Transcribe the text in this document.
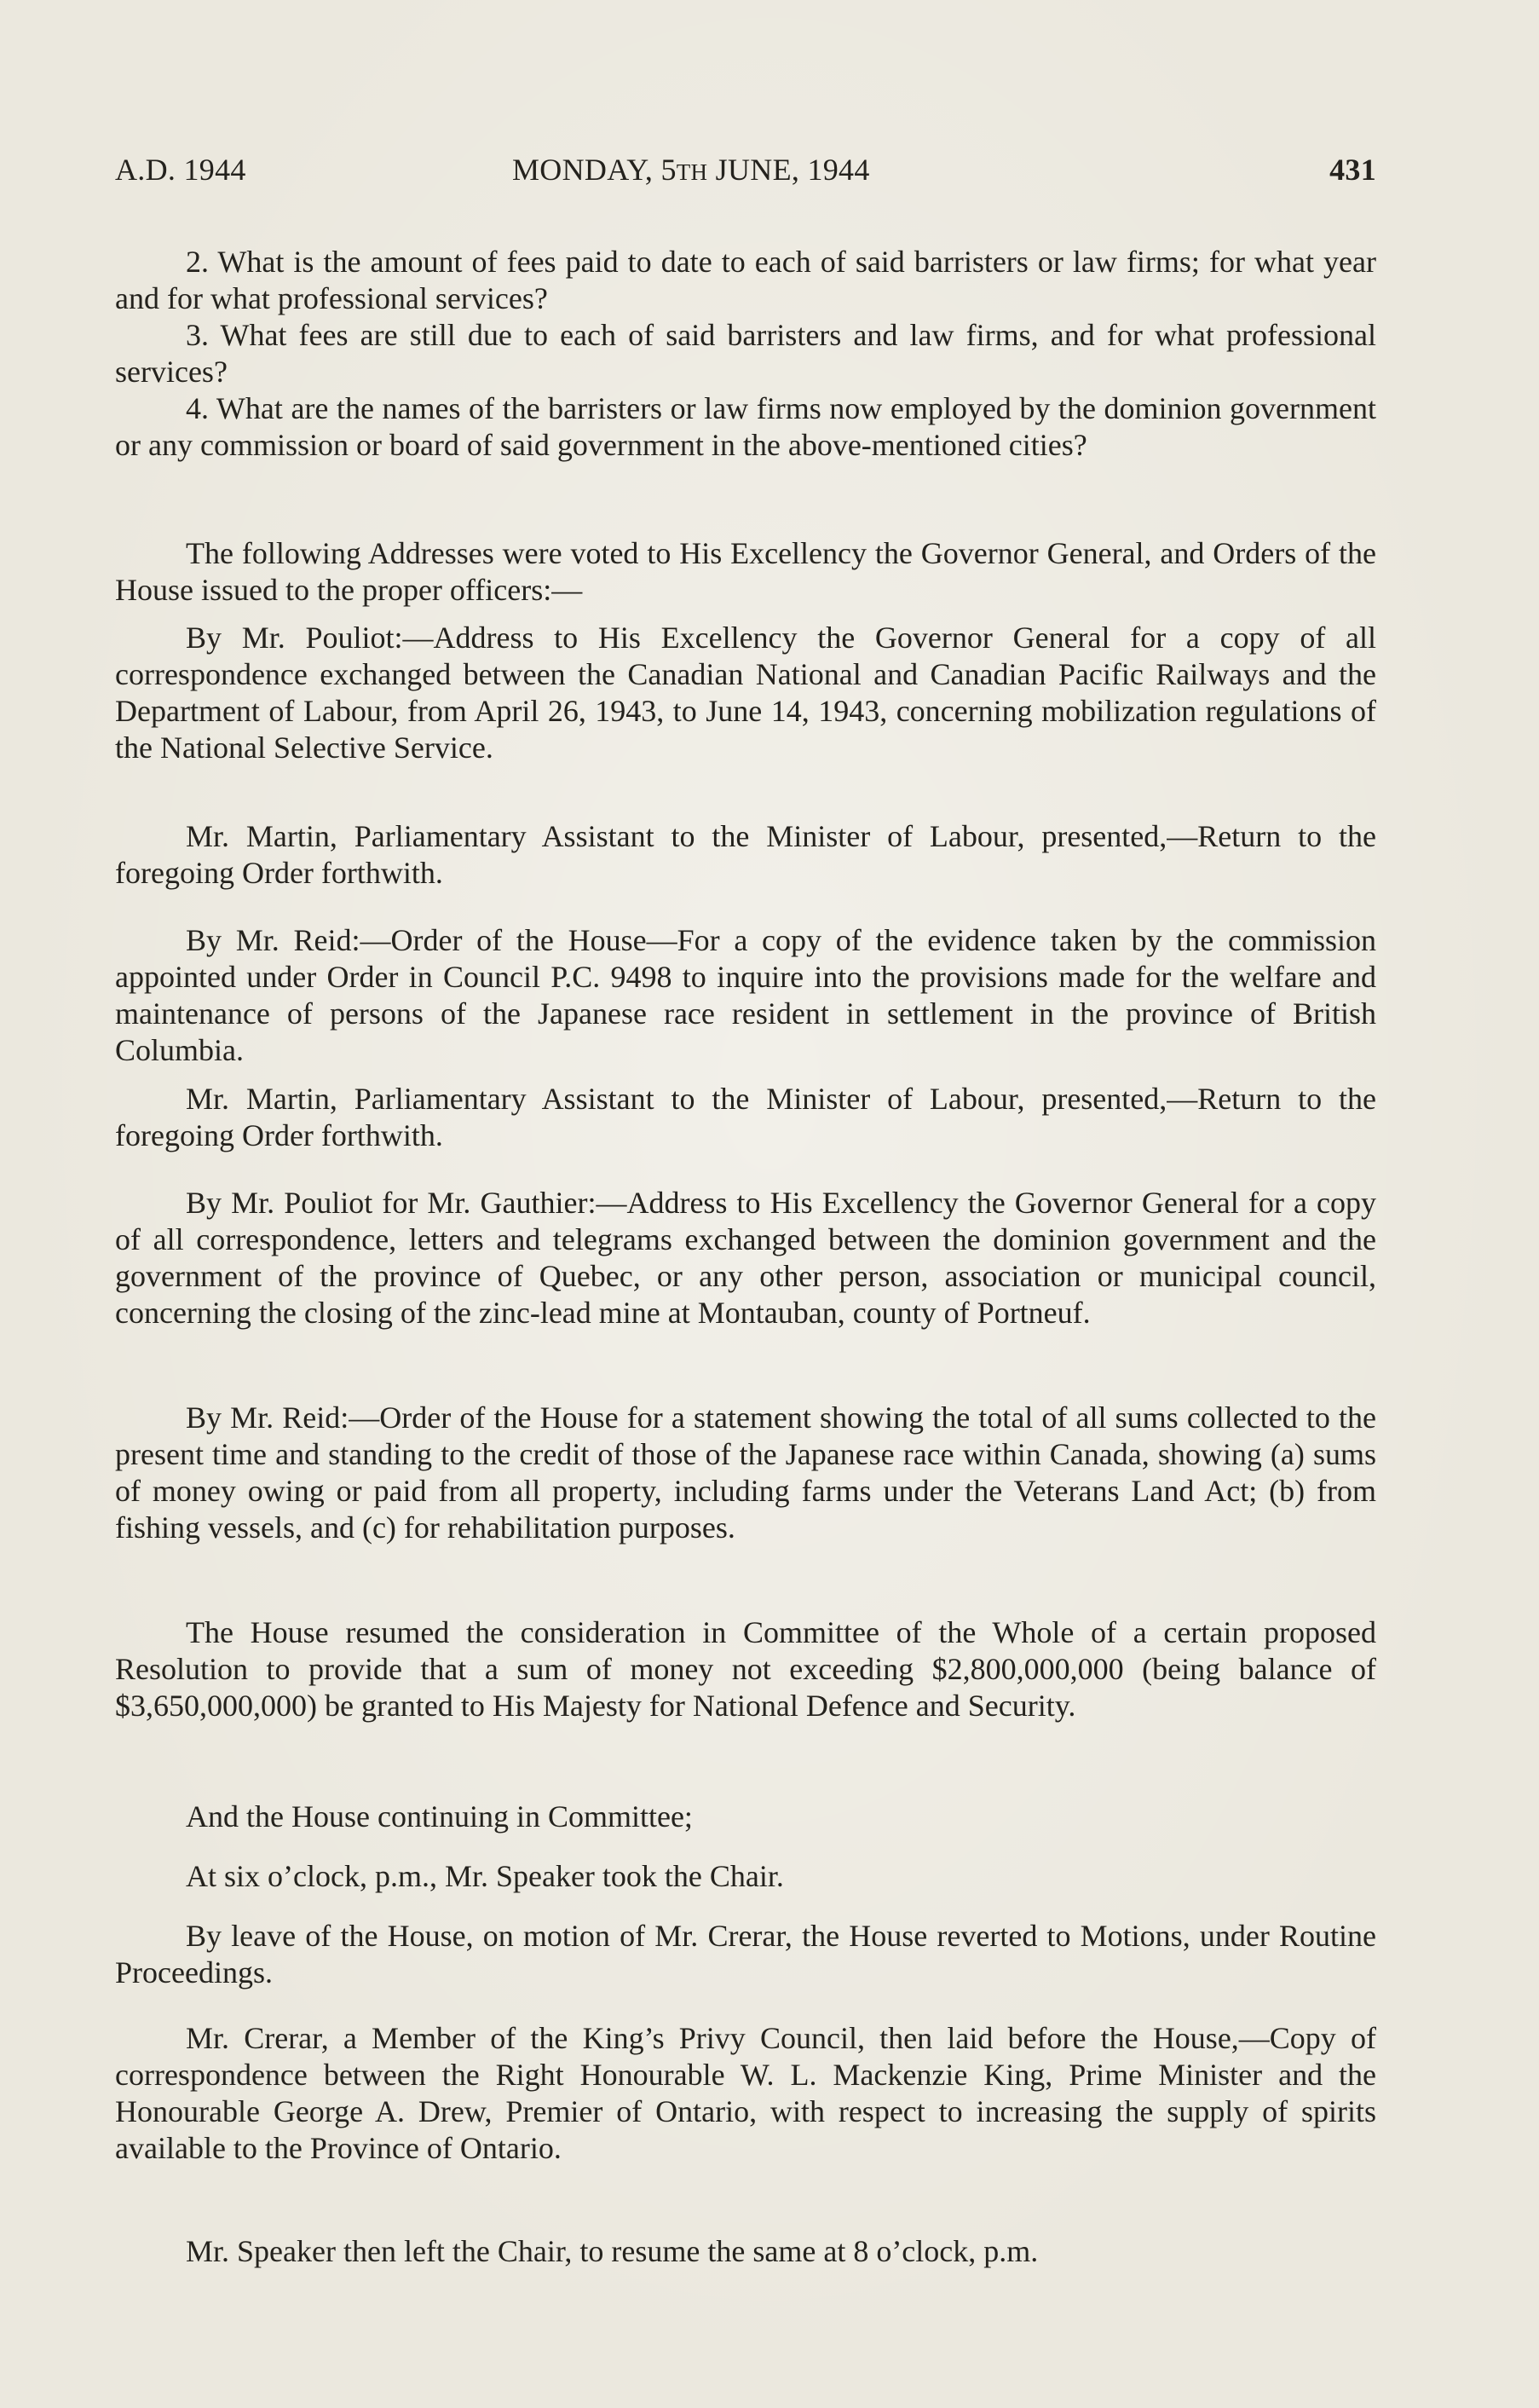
A.D. 1944	MONDAY, 5TH JUNE, 1944	431

2. What is the amount of fees paid to date to each of said barristers or law firms; for what year and for what professional services?

3. What fees are still due to each of said barristers and law firms, and for what professional services?

4. What are the names of the barristers or law firms now employed by the dominion government or any commission or board of said government in the above-mentioned cities?

The following Addresses were voted to His Excellency the Governor General, and Orders of the House issued to the proper officers:—

By Mr. Pouliot:—Address to His Excellency the Governor General for a copy of all correspondence exchanged between the Canadian National and Canadian Pacific Railways and the Department of Labour, from April 26, 1943, to June 14, 1943, concerning mobilization regulations of the National Selective Service.

Mr. Martin, Parliamentary Assistant to the Minister of Labour, presented,—Return to the foregoing Order forthwith.

By Mr. Reid:—Order of the House—For a copy of the evidence taken by the commission appointed under Order in Council P.C. 9498 to inquire into the provisions made for the welfare and maintenance of persons of the Japanese race resident in settlement in the province of British Columbia.

Mr. Martin, Parliamentary Assistant to the Minister of Labour, presented,—Return to the foregoing Order forthwith.

By Mr. Pouliot for Mr. Gauthier:—Address to His Excellency the Governor General for a copy of all correspondence, letters and telegrams exchanged between the dominion government and the government of the province of Quebec, or any other person, association or municipal council, concerning the closing of the zinc-lead mine at Montauban, county of Portneuf.

By Mr. Reid:—Order of the House for a statement showing the total of all sums collected to the present time and standing to the credit of those of the Japanese race within Canada, showing (a) sums of money owing or paid from all property, including farms under the Veterans Land Act; (b) from fishing vessels, and (c) for rehabilitation purposes.

The House resumed the consideration in Committee of the Whole of a certain proposed Resolution to provide that a sum of money not exceeding $2,800,000,000 (being balance of $3,650,000,000) be granted to His Majesty for National Defence and Security.

And the House continuing in Committee;

At six o’clock, p.m., Mr. Speaker took the Chair.

By leave of the House, on motion of Mr. Crerar, the House reverted to Motions, under Routine Proceedings.

Mr. Crerar, a Member of the King’s Privy Council, then laid before the House,—Copy of correspondence between the Right Honourable W. L. Mackenzie King, Prime Minister and the Honourable George A. Drew, Premier of Ontario, with respect to increasing the supply of spirits available to the Province of Ontario.

Mr. Speaker then left the Chair, to resume the same at 8 o’clock, p.m.
